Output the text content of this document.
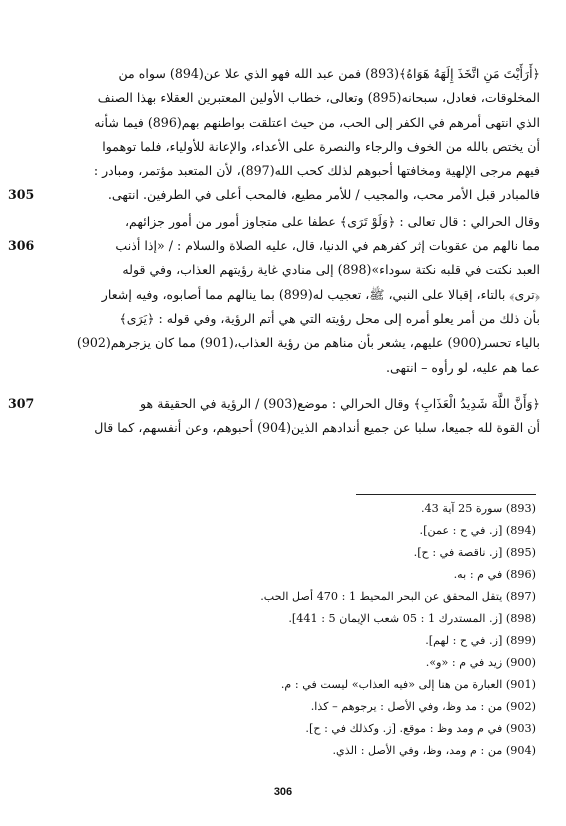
﴿أَرَأَيْتَ مَنِ اتَّخَذَ إِلَهَهُ هَوَاهُ﴾(893) فمن عبد الله فهو الذي علا عن(894) سواه من
المخلوقات، فعادل، سبحانه(895) وتعالى، خطاب الأولين المعتبرين العقلاء بهذا الصنف
الذي انتهى أمرهم في الكفر إلى الحب، من حيث اعتلقت بواطنهم بهم(896) فيما شأنه
أن يختص بالله من الخوف والرجاء والنصرة على الأعداء، والإعانة للأولياء، فلما توهموا
فيهم مرجى الإلهية ومخافتها أحبوهم لذلك كحب الله(897)، لأن المتعبد مؤتمر، ومبادر :
فالمبادر قبل الأمر محب، والمجيب / للأمر مطيع، فالمحب أعلى في الطرفين. انتهى.
305
وقال الحرالي : قال تعالى : ﴿وَلَوْ تَرَى﴾ عطفا على متجاوز أمور من أمور جزائهم،
مما نالهم من عقوبات إثر كفرهم في الدنيا، قال، عليه الصلاة والسلام : / «إذا أذنب
العبد نكتت في قلبه نكتة سوداء»(898) إلى منادي غاية رؤيتهم العذاب، وفي قوله
﴿ترى﴾ بالتاء، إقبالا على النبي، ﷺ، تعجيب له(899) بما ينالهم مما أصابوه، وفيه إشعار
بأن ذلك من أمر يعلو أمره إلى محل رؤيته التي هي أتم الرؤية، وفي قوله : ﴿يَرَى﴾
بالياء تحسر(900) عليهم، يشعر بأن مناهم من رؤية العذاب،(901) مما كان يزجرهم(902)
عما هم عليه، لو رأوه – انتهى.
306
﴿وَأَنَّ اللَّهَ شَدِيدُ الْعَذَابِ﴾ وقال الحرالي : موضع(903) / الرؤية في الحقيقة هو
أن القوة لله جميعا، سلبا عن جميع أندادهم الذين(904) أحبوهم، وعن أنفسهم، كما قال
307
(893) سورة 25 آية 43.
(894) [ز. في ح : عمن].
(895) [ز. ناقصة في : ح].
(896) في م : به.
(897) يتقل المحقق عن البحر المحيط 1 : 470 أصل الحب.
(898) [ز. المستدرك 1 : 05 شعب الإيمان 5 : 441].
(899) [ز. في ح : لهم].
(900) زيد في م : «و».
(901) العبارة من هنا إلى «فيه العذاب» ليست في : م.
(902) من : مد وظ، وفي الأصل : يرجوهم – كذا.
(903) في م ومد وظ : موقع. [ز. وكذلك في : ح].
(904) من : م ومد، وظ، وفي الأصل : الذي.
306
